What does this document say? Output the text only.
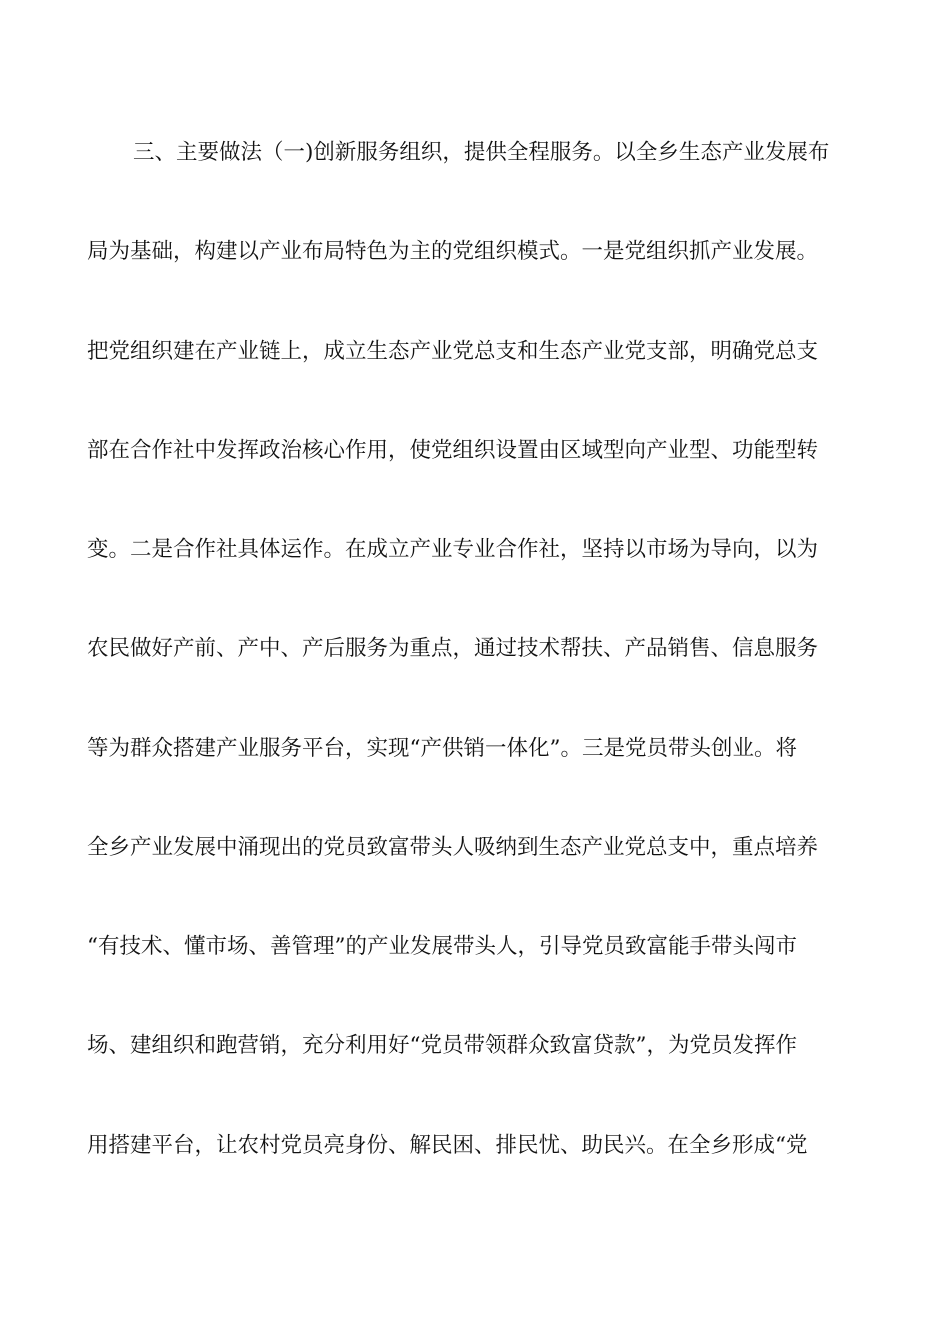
三、主要做法（一)创新服务组织，提供全程服务。以全乡生态产业发展布
局为基础，构建以产业布局特色为主的党组织模式。一是党组织抓产业发展。
把党组织建在产业链上，成立生态产业党总支和生态产业党支部，明确党总支
部在合作社中发挥政治核心作用，使党组织设置由区域型向产业型、功能型转
变。二是合作社具体运作。在成立产业专业合作社，坚持以市场为导向，以为
农民做好产前、产中、产后服务为重点，通过技术帮扶、产品销售、信息服务
等为群众搭建产业服务平台，实现“产供销一体化”。三是党员带头创业。将
全乡产业发展中涌现出的党员致富带头人吸纳到生态产业党总支中，重点培养
“有技术、懂市场、善管理”的产业发展带头人，引导党员致富能手带头闯市
场、建组织和跑营销，充分利用好“党员带领群众致富贷款”，为党员发挥作
用搭建平台，让农村党员亮身份、解民困、排民忧、助民兴。在全乡形成“党
